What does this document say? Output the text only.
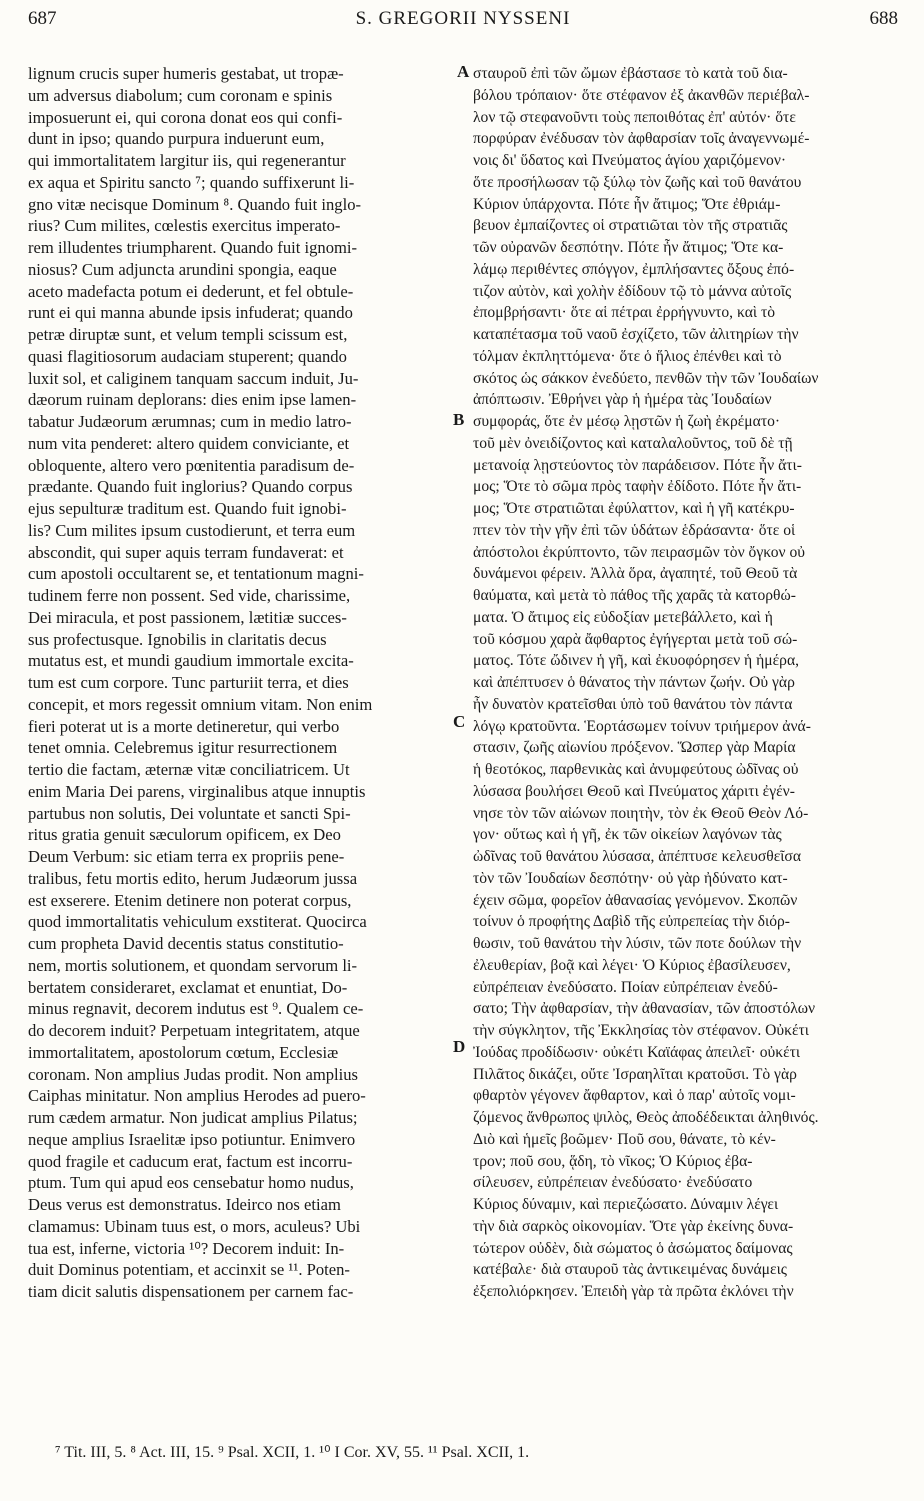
687	S. GREGORII NYSSENI	688
lignum crucis super humeris gestabat, ut tropæ-
um adversus diabolum; cum coronam e spinis
imposuerunt ei, qui corona donat eos qui confi-
dunt in ipso; quando purpura induerunt eum,
qui immortalitatem largitur iis, qui regenerantur
ex aqua et Spiritu sancto ⁷; quando suffixerunt li-
gno vitæ necisque Dominum ⁸. Quando fuit inglo-
rius? Cum milites, cœlestis exercitus imperato-
rem illudentes triumpharent. Quando fuit ignomi-
niosus? Cum adjuncta arundini spongia, eaque
aceto madefacta potum ei dederunt, et fel obtule-
runt ei qui manna abunde ipsis infuderat; quando
petræ diruptæ sunt, et velum templi scissum est,
quasi flagitiosorum audaciam stuperent; quando
luxit sol, et caliginem tanquam saccum induit, Ju-
dæorum ruinam deplorans: dies enim ipse lamen-
tabatur Judæorum ærumnas; cum in medio latro-
num vita penderet: altero quidem conviciante, et
obloquente, altero vero pœnitentia paradisum de-
prædante. Quando fuit inglorius? Quando corpus
ejus sepulturæ traditum est. Quando fuit ignobi-
lis? Cum milites ipsum custodierunt, et terra eum
abscondit, qui super aquis terram fundaverat: et
cum apostoli occultarent se, et tentationum magni-
tudinem ferre non possent. Sed vide, charissime,
Dei miracula, et post passionem, lætitiæ succes-
sus profectusque. Ignobilis in claritatis decus
mutatus est, et mundi gaudium immortale excita-
tum est cum corpore. Tunc parturiit terra, et dies
concepit, et mors regessit omnium vitam. Non enim
fieri poterat ut is a morte detineretur, qui verbo
tenet omnia. Celebremus igitur resurrectionem
tertio die factam, æternæ vitæ conciliatricem. Ut
enim Maria Dei parens, virginalibus atque innuptis
partubus non solutis, Dei voluntate et sancti Spi-
ritus gratia genuit sæculorum opificem, ex Deo
Deum Verbum: sic etiam terra ex propriis pene-
tralibus, fetu mortis edito, herum Judæorum jussa
est exserere. Etenim detinere non poterat corpus,
quod immortalitatis vehiculum exstiterat. Quocirca
cum propheta David decentis status constitutio-
nem, mortis solutionem, et quondam servorum li-
bertatem consideraret, exclamat et enuntiat, Do-
minus regnavit, decorem indutus est ⁹. Qualem ce-
do decorem induit? Perpetuam integritatem, atque
immortalitatem, apostolorum cœtum, Ecclesiæ
coronam. Non amplius Judas prodit. Non amplius
Caiphas minitatur. Non amplius Herodes ad puero-
rum cædem armatur. Non judicat amplius Pilatus;
neque amplius Israelitæ ipso potiuntur. Enimvero
quod fragile et caducum erat, factum est incorru-
ptum. Tum qui apud eos censebatur homo nudus,
Deus verus est demonstratus. Ideirco nos etiam
clamamus: Ubinam tuus est, o mors, aculeus? Ubi
tua est, inferne, victoria ¹⁰? Decorem induit: In-
duit Dominus potentiam, et accinxit se ¹¹. Poten-
tiam dicit salutis dispensationem per carnem fac-
σταυροῦ ἐπὶ τῶν ὤμων ἐβάστασε τὸ κατὰ τοῦ δια-
βόλου τρόπαιον· ὅτε στέφανον ἐξ ἀκανθῶν περιέβαλ-
λον τῷ στεφανοῦντι τοὺς πεποιθότας ἐπ' αὐτόν· ὅτε
πορφύραν ἐνέδυσαν τὸν ἀφθαρσίαν τοῖς ἀναγεννωμέ-
νοις δι' ὕδατος καὶ Πνεύματος ἁγίου χαριζόμενον·
ὅτε προσήλωσαν τῷ ξύλῳ τὸν ζωῆς καὶ τοῦ θανάτου
Κύριον ὑπάρχοντα. Πότε ἦν ἄτιμος; Ὅτε ἐθριάμ-
βευον ἐμπαίζοντες οἱ στρατιῶται τὸν τῆς στρατιᾶς
τῶν οὐρανῶν δεσπότην. Πότε ἦν ἄτιμος; Ὅτε κα-
λάμῳ περιθέντες σπόγγον, ἐμπλήσαντες ὄξους ἐπό-
τιζον αὐτὸν, καὶ χολὴν ἐδίδουν τῷ τὸ μάννα αὐτοῖς
ἐπομβρήσαντι· ὅτε αἱ πέτραι ἐρρήγνυντο, καὶ τὸ
καταπέτασμα τοῦ ναοῦ ἐσχίζετο, τῶν ἀλιτηρίων τὴν
τόλμαν ἐκπληττόμενα· ὅτε ὁ ἥλιος ἐπένθει καὶ τὸ
σκότος ὡς σάκκον ἐνεδύετο, πενθῶν τὴν τῶν Ἰουδαίων
ἀπόπτωσιν. Ἐθρήνει γὰρ ἡ ἡμέρα τὰς Ἰουδαίων
συμφοράς, ὅτε ἐν μέσῳ λῃστῶν ἡ ζωὴ ἐκρέματο·
τοῦ μὲν ὀνειδίζοντος καὶ καταλαλοῦντος, τοῦ δὲ τῇ
μετανοίᾳ λῃστεύοντος τὸν παράδεισον. Πότε ἦν ἄτι-
μος; Ὅτε τὸ σῶμα πρὸς ταφὴν ἐδίδοτο. Πότε ἦν ἄτι-
μος; Ὅτε στρατιῶται ἐφύλαττον, καὶ ἡ γῆ κατέκρυ-
πτεν τὸν τὴν γῆν ἐπὶ τῶν ὑδάτων ἑδράσαντα· ὅτε οἱ
ἀπόστολοι ἐκρύπτοντο, τῶν πειρασμῶν τὸν ὄγκον οὐ
δυνάμενοι φέρειν. Ἀλλὰ ὅρα, ἀγαπητέ, τοῦ Θεοῦ τὰ
θαύματα, καὶ μετὰ τὸ πάθος τῆς χαρᾶς τὰ κατορθώ-
ματα. Ὁ ἄτιμος εἰς εὐδοξίαν μετεβάλλετο, καὶ ἡ
τοῦ κόσμου χαρὰ ἄφθαρτος ἐγήγερται μετὰ τοῦ σώ-
ματος. Τότε ὤδινεν ἡ γῆ, καὶ ἐκυοφόρησεν ἡ ἡμέρα,
καὶ ἀπέπτυσεν ὁ θάνατος τὴν πάντων ζωήν. Οὐ γὰρ
ἦν δυνατὸν κρατεῖσθαι ὑπὸ τοῦ θανάτου τὸν πάντα
λόγῳ κρατοῦντα. Ἑορτάσωμεν τοίνυν τριήμερον ἀνά-
στασιν, ζωῆς αἰωνίου πρόξενον. Ὥσπερ γὰρ Μαρία
ἡ θεοτόκος, παρθενικὰς καὶ ἀνυμφεύτους ὠδῖνας οὐ
λύσασα βουλήσει Θεοῦ καὶ Πνεύματος χάριτι ἐγέν-
νησε τὸν τῶν αἰώνων ποιητὴν, τὸν ἐκ Θεοῦ Θεὸν Λό-
γον· οὕτως καὶ ἡ γῆ, ἐκ τῶν οἰκείων λαγόνων τὰς
ὠδῖνας τοῦ θανάτου λύσασα, ἀπέπτυσε κελευσθεῖσα
τὸν τῶν Ἰουδαίων δεσπότην· οὐ γὰρ ἠδύνατο κατ-
έχειν σῶμα, φορεῖον ἀθανασίας γενόμενον. Σκοπῶν
τοίνυν ὁ προφήτης Δαβὶδ τῆς εὐπρεπείας τὴν διόρ-
θωσιν, τοῦ θανάτου τὴν λύσιν, τῶν ποτε δούλων τὴν
ἐλευθερίαν, βοᾷ καὶ λέγει· Ὁ Κύριος ἐβασίλευσεν,
εὐπρέπειαν ἐνεδύσατο. Ποίαν εὐπρέπειαν ἐνεδύ-
σατο; Τὴν ἀφθαρσίαν, τὴν ἀθανασίαν, τῶν ἀποστόλων
τὴν σύγκλητον, τῆς Ἐκκλησίας τὸν στέφανον. Οὐκέτι
Ἰούδας προδίδωσιν· οὐκέτι Καϊάφας ἀπειλεῖ· οὐκέτι
Πιλᾶτος δικάζει, οὔτε Ἰσραηλῖται κρατοῦσι. Τὸ γὰρ
φθαρτὸν γέγονεν ἄφθαρτον, καὶ ὁ παρ' αὐτοῖς νομι-
ζόμενος ἄνθρωπος ψιλὸς, Θεὸς ἀποδέδεικται ἀληθινός.
Διὸ καὶ ἡμεῖς βοῶμεν· Ποῦ σου, θάνατε, τὸ κέν-
τρον; ποῦ σου, ᾅδη, τὸ νῖκος; Ὁ Κύριος ἐβα-
σίλευσεν, εὐπρέπειαν ἐνεδύσατο· ἐνεδύσατο
Κύριος δύναμιν, καὶ περιεζώσατο. Δύναμιν λέγει
τὴν διὰ σαρκὸς οἰκονομίαν. Ὅτε γὰρ ἐκείνης δυνα-
τώτερον οὐδὲν, διὰ σώματος ὁ ἀσώματος δαίμονας
κατέβαλε· διὰ σταυροῦ τὰς ἀντικειμένας δυνάμεις
ἐξεπολιόρκησεν. Ἐπειδὴ γὰρ τὰ πρῶτα ἐκλόνει τὴν
A
B
C
D
⁷ Tit. III, 5. ⁸ Act. III, 15. ⁹ Psal. XCII, 1. ¹⁰ I Cor. XV, 55. ¹¹ Psal. XCII, 1.
